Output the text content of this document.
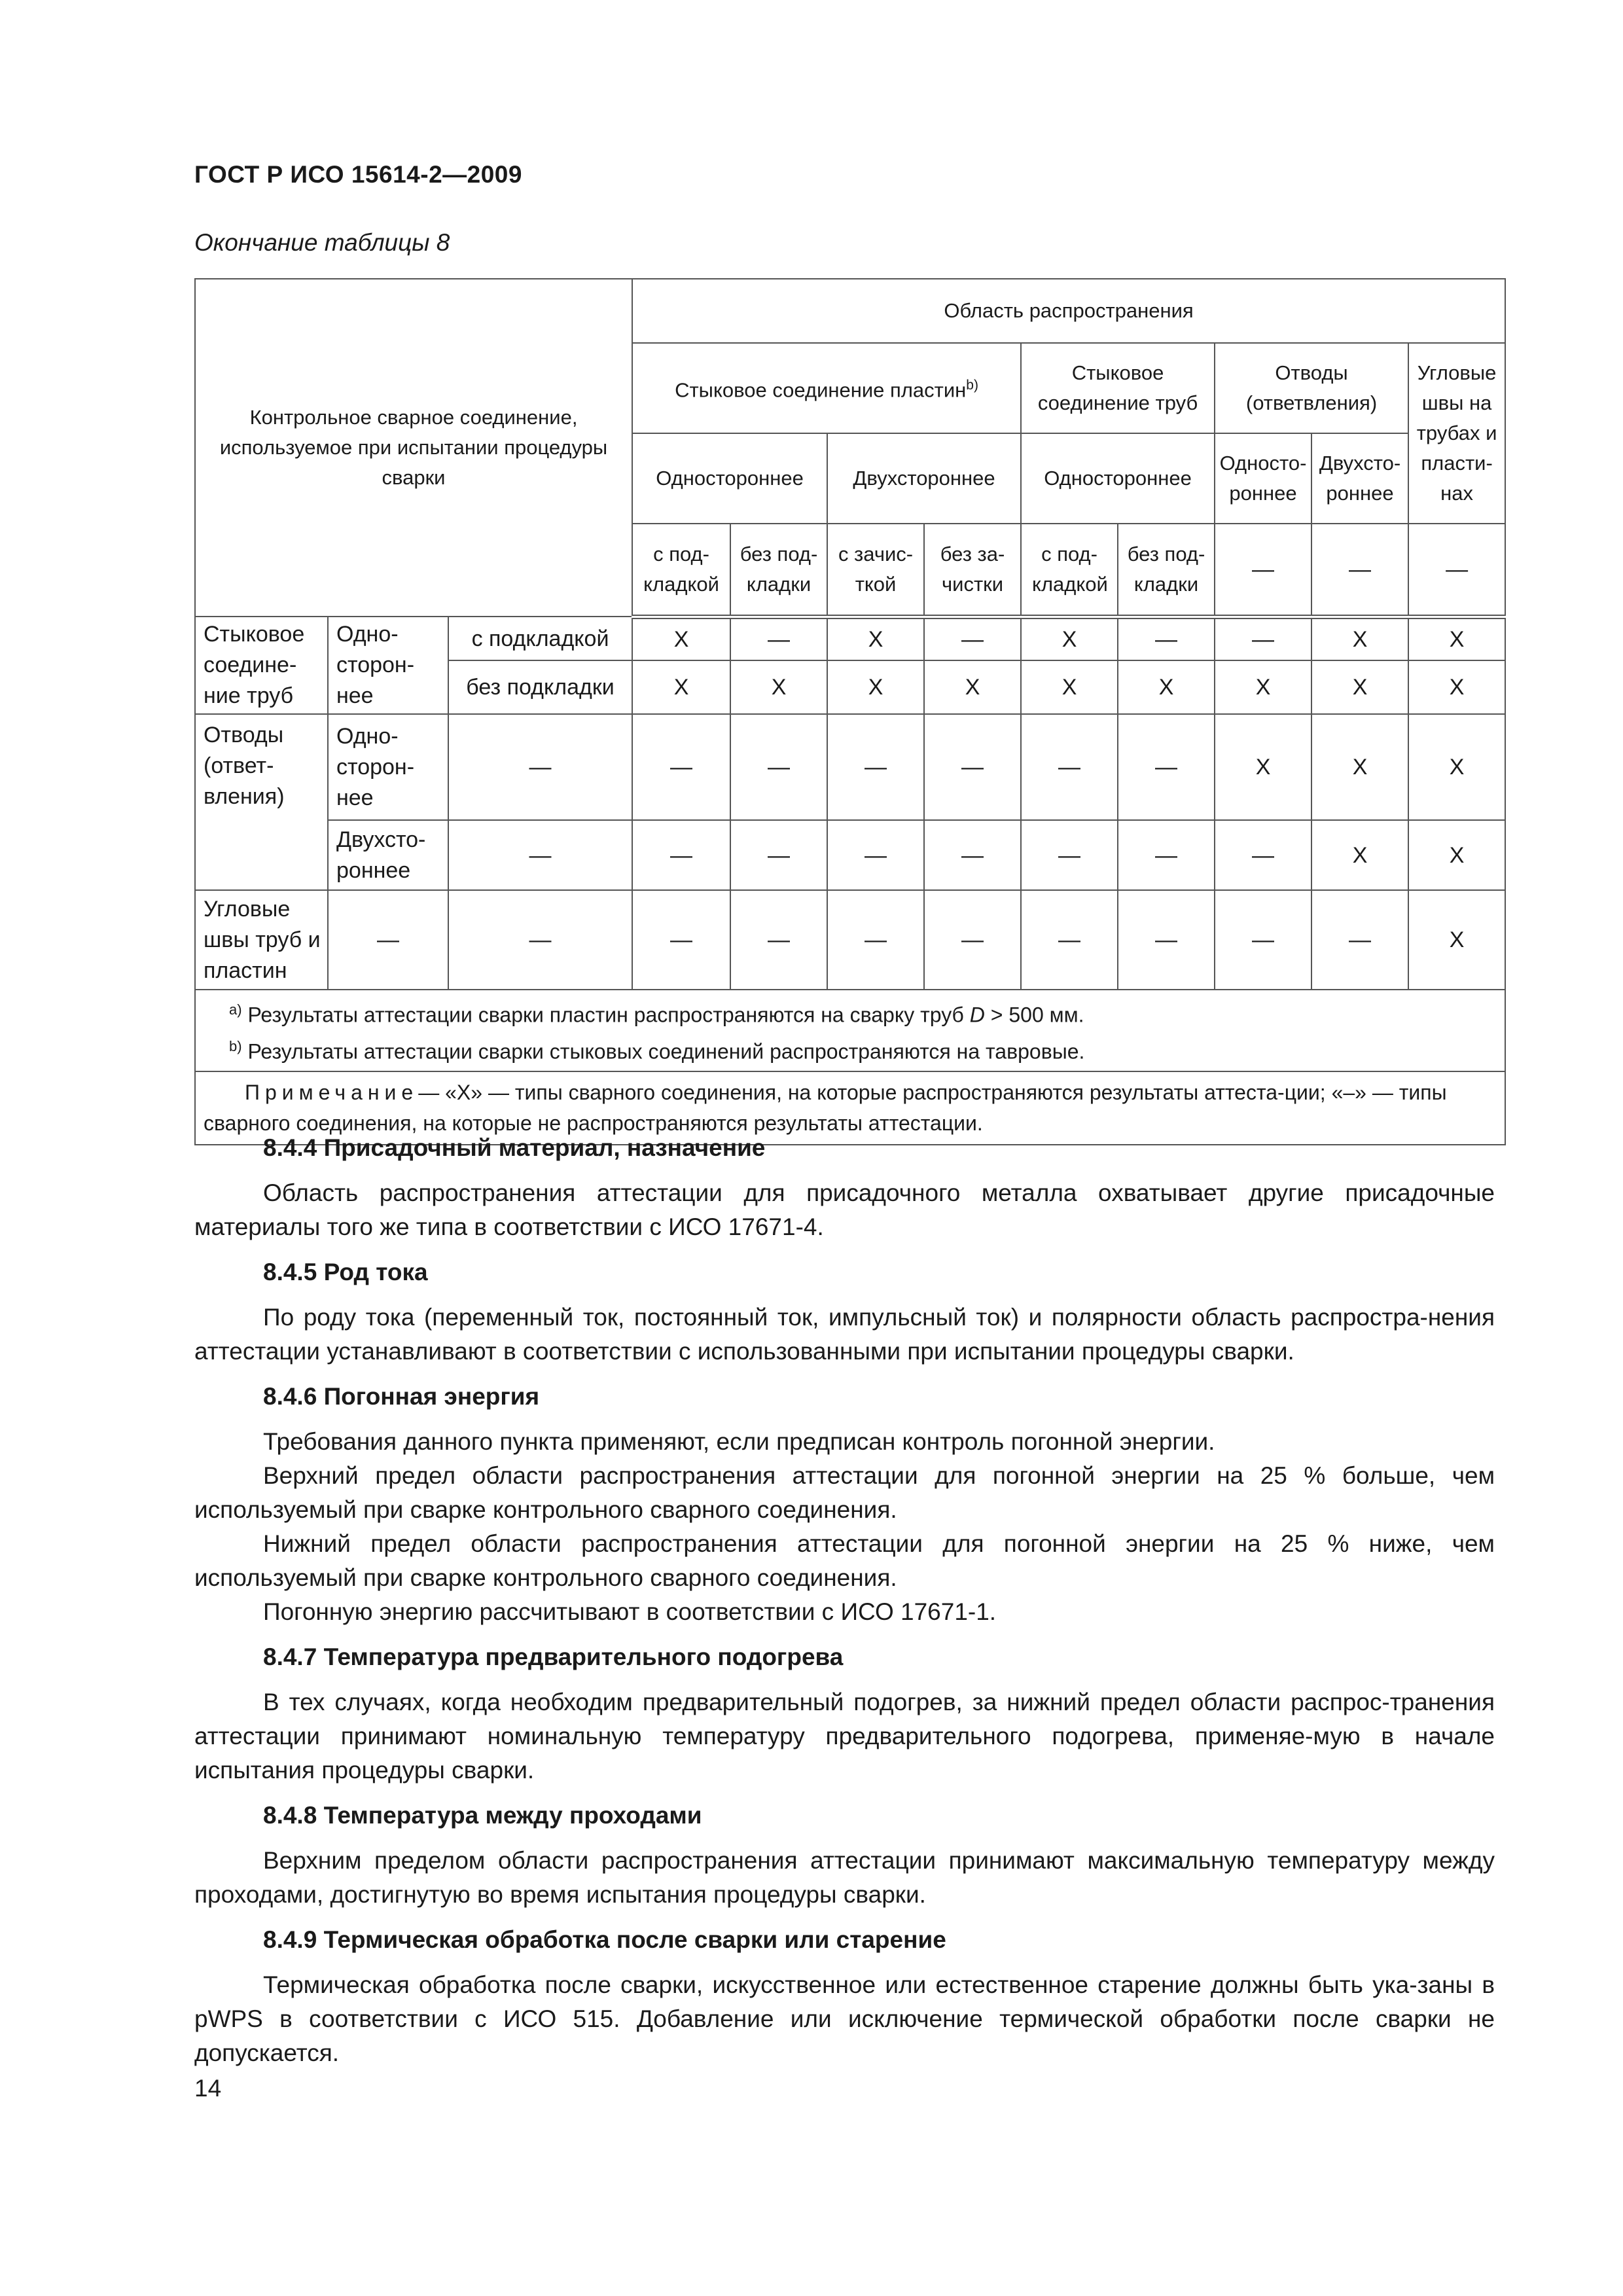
ГОСТ Р ИСО 15614-2—2009
Окончание таблицы 8
Контрольное сварное соединение, используемое при испытании процедуры сварки			Область распространения								
			Стыковое соединение пластин$^{b)}$				Стыковое соединение труб		Отводы (ответвления)		Угловые швы на трубах и пласти-нах
			Одностороннее		Двухстороннее		Одностороннее		Односто-роннее	Двухсто-роннее	
			с под-кладкой	без под-кладки	с зачис-ткой	без за-чистки	с под-кладкой	без под-кладки	—	—	—
Стыковое соедине-ние труб	Одно-сторон-нее	с подкладкой	X	—	X	—	X	—	—	X	X
		без подкладки	X	X	X	X	X	X	X	X	X
Отводы (ответ-вления)	Одно-сторон-нее	—	—	—	—	—	—	—	X	X	X
	Двухсто-роннее	—	—	—	—	—	—	—	—	X	X
Угловые швы труб и пластин	—	—	—	—	—	—	—	—	—	—	X

$^{a)}$ Результаты аттестации сварки пластин распространяются на сварку труб D > 500 мм.
$^{b)}$ Результаты аттестации сварки стыковых соединений распространяются на тавровые.											

Примечание— «Х» — типы сварного соединения, на которые распространяются результаты аттеста-ции; «–» — типы сварного соединения, на которые не распространяются результаты аттестации.											
8.4.4 Присадочный материал, назначение

Область распространения аттестации для присадочного металла охватывает другие присадочные материалы того же типа в соответствии с ИСО 17671-4.

8.4.5 Род тока

По роду тока (переменный ток, постоянный ток, импульсный ток) и полярности область распростра-нения аттестации устанавливают в соответствии с использованными при испытании процедуры сварки.

8.4.6 Погонная энергия

Требования данного пункта применяют, если предписан контроль погонной энергии.

Верхний предел области распространения аттестации для погонной энергии на 25 % больше, чем используемый при сварке контрольного сварного соединения.

Нижний предел области распространения аттестации для погонной энергии на 25 % ниже, чем используемый при сварке контрольного сварного соединения.

Погонную энергию рассчитывают в соответствии с ИСО 17671-1.

8.4.7 Температура предварительного подогрева

В тех случаях, когда необходим предварительный подогрев, за нижний предел области распрос-транения аттестации принимают номинальную температуру предварительного подогрева, применяе-мую в начале испытания процедуры сварки.

8.4.8 Температура между проходами

Верхним пределом области распространения аттестации принимают максимальную температуру между проходами, достигнутую во время испытания процедуры сварки.

8.4.9 Термическая обработка после сварки или старение

Термическая обработка после сварки, искусственное или естественное старение должны быть ука-заны в pWPS в соответствии с ИСО 515. Добавление или исключение термической обработки после сварки не допускается.

14
